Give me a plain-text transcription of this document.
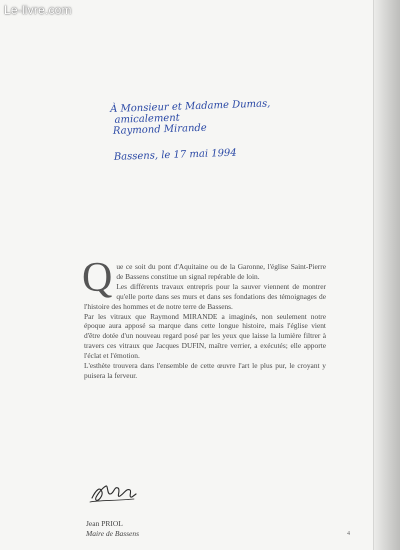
Le-livre.com
À Monsieur et Madame Dumas,
amicalement
Raymond Mirande
Bassens, le 17 mai 1994
Q ue ce soit du pont d'Aquitaine ou de la Garonne, l'église Saint-Pierre de Bassens constitue un signal repérable de loin.

Les différents travaux entrepris pour la sauver viennent de montrer qu'elle porte dans ses murs et dans ses fondations des témoignages de l'histoire des hommes et de notre terre de Bassens.

Par les vitraux que Raymond MIRANDE a imaginés, non seulement notre époque aura apposé sa marque dans cette longue histoire, mais l'église vient d'être dotée d'un nouveau regard posé par les yeux que laisse la lumière filtrer à travers ces vitraux que Jacques DUFIN, maître verrier, a exécutés; elle apporte l'éclat et l'émotion.

L'esthète trouvera dans l'ensemble de cette œuvre l'art le plus pur, le croyant y puisera la ferveur.

Jean PRIOL
Maire de Bassens	4
